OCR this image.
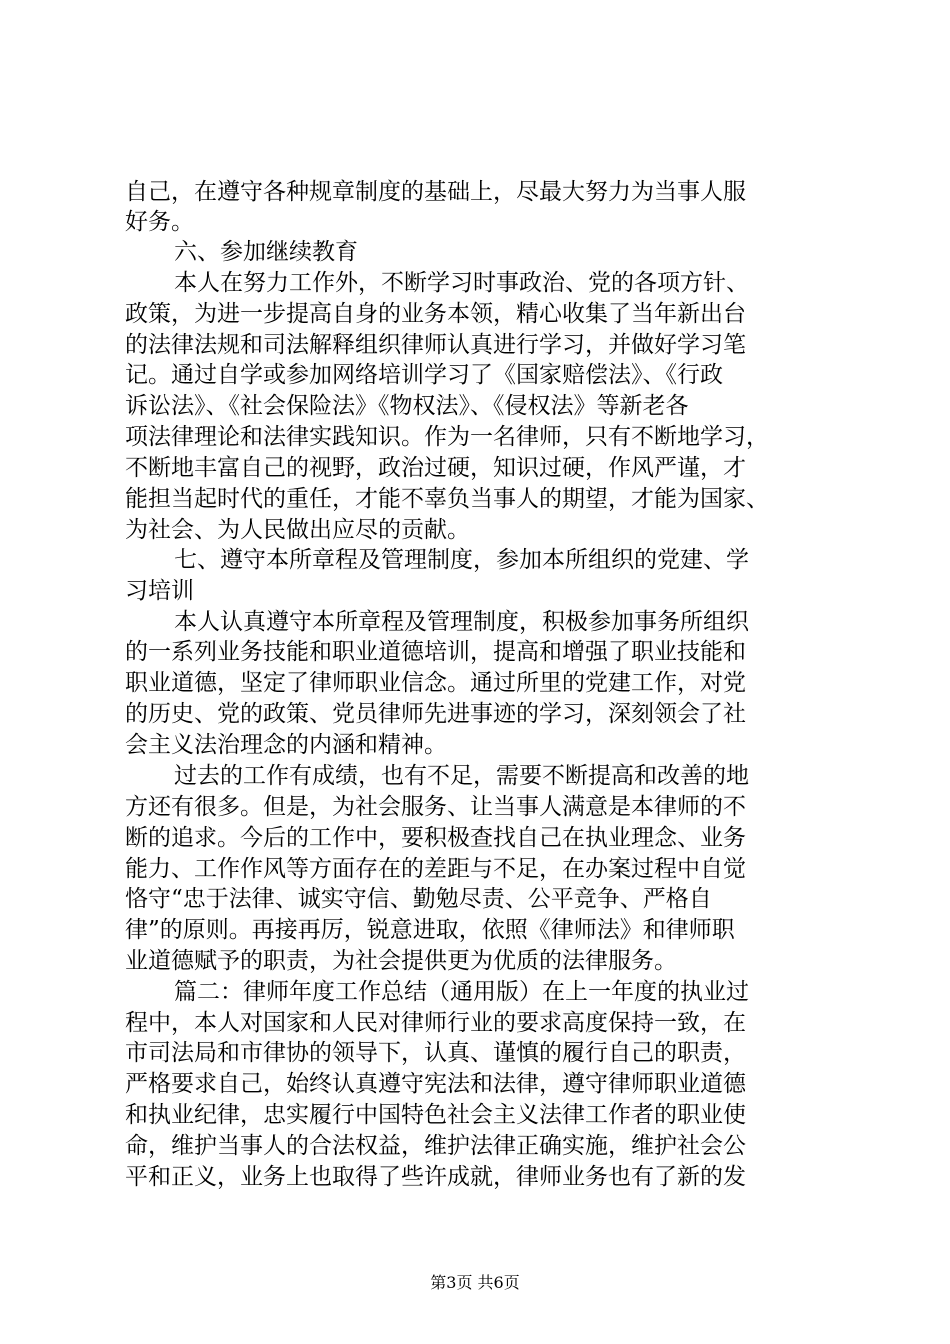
自己，在遵守各种规章制度的基础上，尽最大努力为当事人服
好务。
六、参加继续教育
本人在努力工作外，不断学习时事政治、党的各项方针、
政策，为进一步提高自身的业务本领，精心收集了当年新出台
的法律法规和司法解释组织律师认真进行学习，并做好学习笔
记。通过自学或参加网络培训学习了《国家赔偿法》、《行政
诉讼法》、《社会保险法》《物权法》、《侵权法》等新老各
项法律理论和法律实践知识。作为一名律师，只有不断地学习，
不断地丰富自己的视野，政治过硬，知识过硬，作风严谨，才
能担当起时代的重任，才能不辜负当事人的期望，才能为国家、
为社会、为人民做出应尽的贡献。
七、遵守本所章程及管理制度，参加本所组织的党建、学
习培训
本人认真遵守本所章程及管理制度，积极参加事务所组织
的一系列业务技能和职业道德培训，提高和增强了职业技能和
职业道德，坚定了律师职业信念。通过所里的党建工作，对党
的历史、党的政策、党员律师先进事迹的学习，深刻领会了社
会主义法治理念的内涵和精神。
过去的工作有成绩，也有不足，需要不断提高和改善的地
方还有很多。但是，为社会服务、让当事人满意是本律师的不
断的追求。今后的工作中，要积极查找自己在执业理念、业务
能力、工作作风等方面存在的差距与不足，在办案过程中自觉
恪守“忠于法律、诚实守信、勤勉尽责、公平竞争、严格自
律”的原则。再接再厉，锐意进取，依照《律师法》和律师职
业道德赋予的职责，为社会提供更为优质的法律服务。
篇二：律师年度工作总结（通用版）在上一年度的执业过
程中，本人对国家和人民对律师行业的要求高度保持一致，在
市司法局和市律协的领导下，认真、谨慎的履行自己的职责，
严格要求自己，始终认真遵守宪法和法律，遵守律师职业道德
和执业纪律，忠实履行中国特色社会主义法律工作者的职业使
命，维护当事人的合法权益，维护法律正确实施，维护社会公
平和正义，业务上也取得了些许成就，律师业务也有了新的发
第3页 共6页
